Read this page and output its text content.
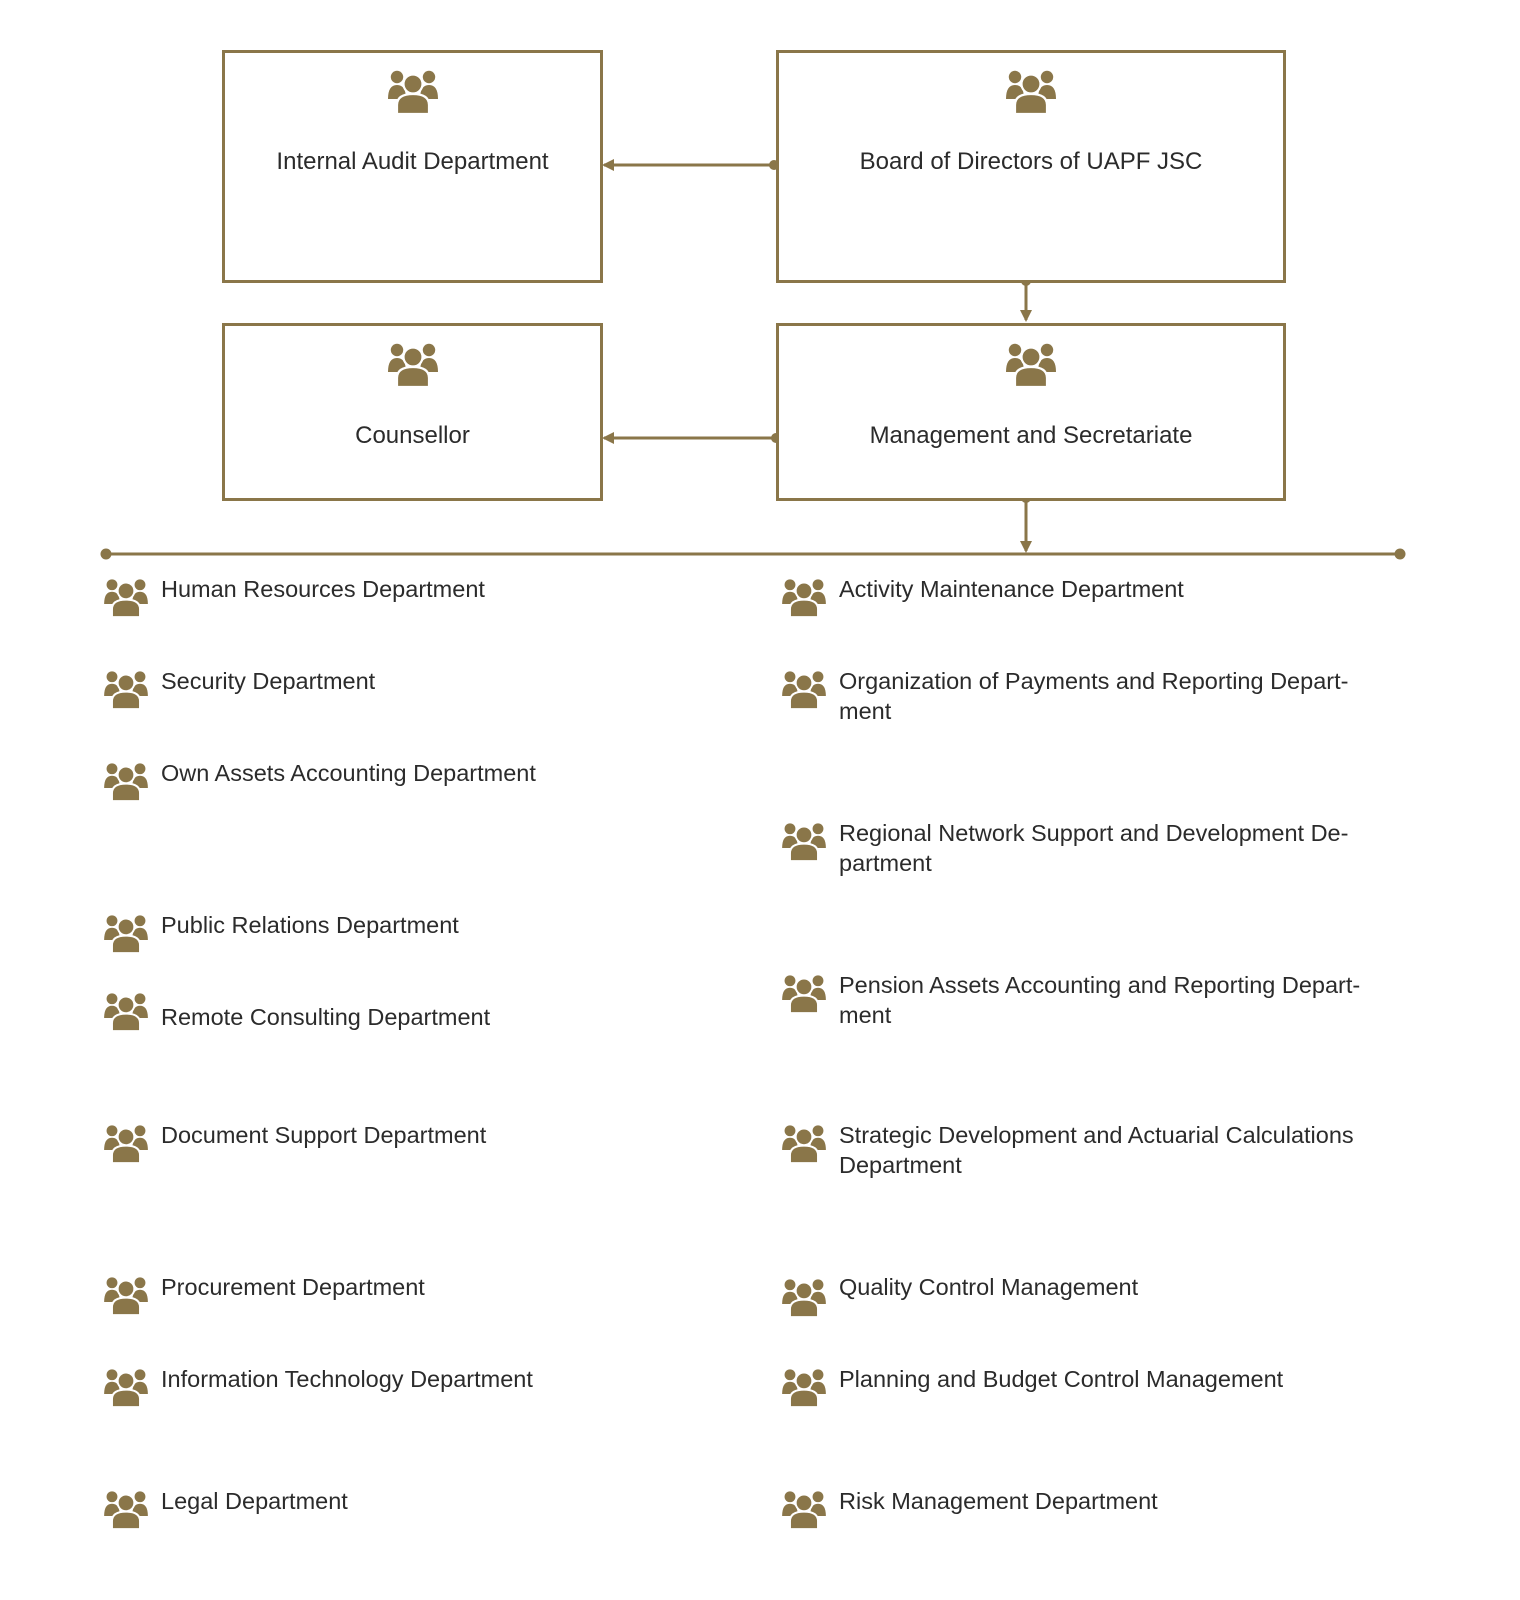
Internal Audit Department	Board of Directors of UAPF JSC
Counsellor	Management and Secretariate
Human Resources Department
Security Department
Own Assets Accounting Department
Public Relations Department
Remote Consulting Department
Document Support Department
Procurement Department
Information Technology Department
Legal Department
Activity Maintenance Department
Organization of Payments and Reporting Depart-
ment
Regional Network Support and Development De-
partment
Pension Assets Accounting and Reporting Depart-
ment
Strategic Development and Actuarial Calculations
Department
Quality Control Management
Planning and Budget Control Management
Risk Management Department
